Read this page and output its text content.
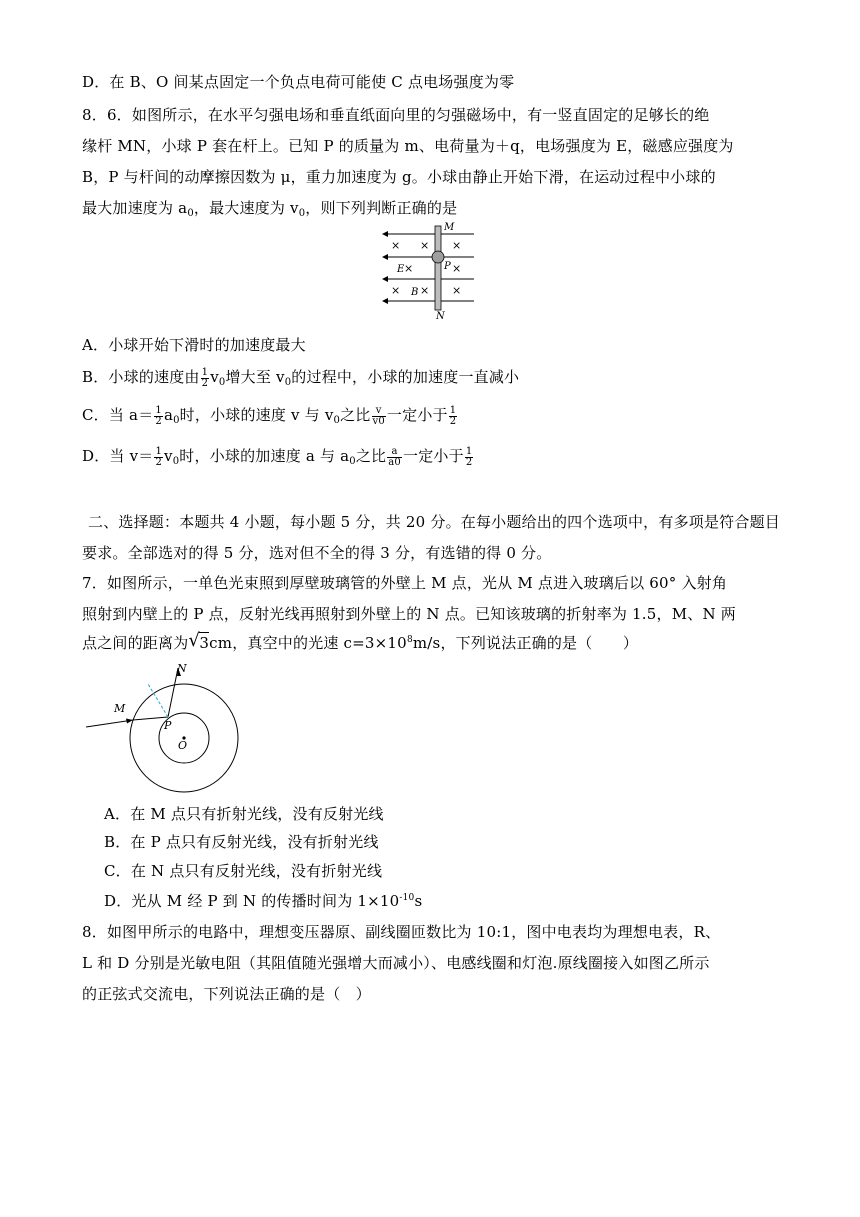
D．在 B、O 间某点固定一个负点电荷可能使 C 点电场强度为零
8．6．如图所示，在水平匀强电场和垂直纸面向里的匀强磁场中，有一竖直固定的足够长的绝
缘杆 MN，小球 P 套在杆上。已知 P 的质量为 m、电荷量为＋q，电场强度为 E，磁感应强度为
B，P 与杆间的动摩擦因数为 μ，重力加速度为 g。小球由静止开始下滑，在运动过程中小球的
最大加速度为 $a_0$，最大速度为 $v_0$，则下列判断正确的是
× × ×
×	×
× × ×
M
E	P
B
N
A．小球开始下滑时的加速度最大
B．小球的速度由 $\frac{1}{2} v_0$增大至 $v_0$的过程中，小球的加速度一直减小
C．当 $a= \frac{1}{2} a_0$时，小球的速度 v 与 $v_0$之比 $\frac{v}{v0}$ 一定小于 $\frac{1}{2}$
D．当 $v= \frac{1}{2} v_0$时，小球的加速度 a 与 $a_0$之比 $\frac{a}{a0}$ 一定小于 $\frac{1}{2}$
二、选择题：本题共 4 小题，每小题 5 分，共 20 分。在每小题给出的四个选项中，有多项是符合题目
要求。全部选对的得 5 分，选对但不全的得 3 分，有选错的得 0 分。
7．如图所示，一单色光束照到厚壁玻璃管的外壁上 M 点，光从 M 点进入玻璃后以 60° 入射角
照射到内壁上的 P 点，反射光线再照射到外壁上的 N 点。已知该玻璃的折射率为 1.5，M、N 两
点之间的距离为 √ 3cm，真空中的光速 $c=3\times 10^8m/s$，下列说法正确的是（　　）
M
N
P
O
A．在 M 点只有折射光线，没有反射光线
B．在 P 点只有反射光线，没有折射光线
C．在 N 点只有反射光线，没有折射光线
D．光从 M 经 P 到 N 的传播时间为 $1\times 10^{-10}s$
8．如图甲所示的电路中，理想变压器原、副线圈匝数比为 10:1，图中电表均为理想电表，R、
L 和 D 分别是光敏电阻（其阻值随光强增大而减小）、电感线圈和灯泡.原线圈接入如图乙所示
的正弦式交流电，下列说法正确的是（　）
